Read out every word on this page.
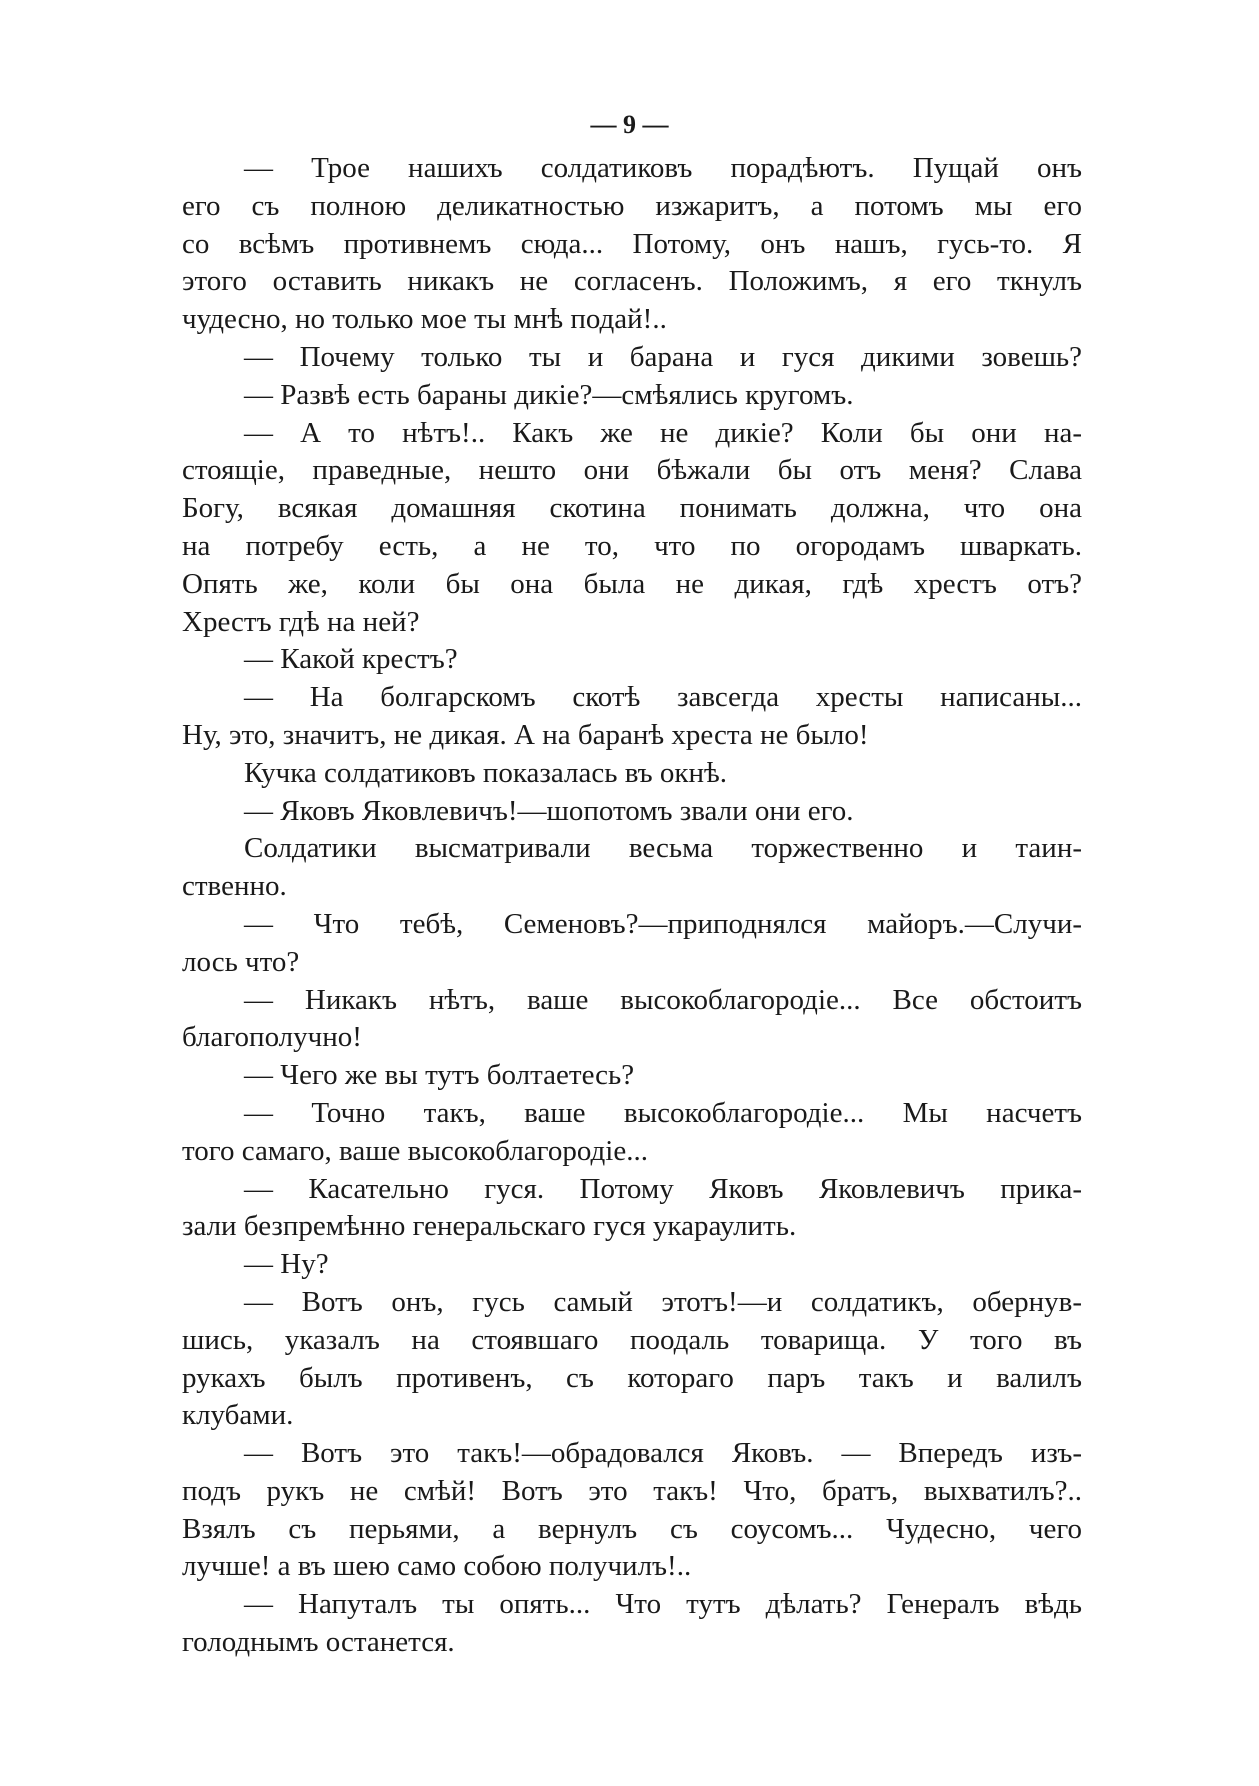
— 9 —
— Трое нашихъ солдатиковъ порадѣютъ. Пущай онъ
его съ полною деликатностью изжаритъ, а потомъ мы его
со всѣмъ противнемъ сюда... Потому, онъ нашъ, гусь-то. Я
этого оставить никакъ не согласенъ. Положимъ, я его ткнулъ
чудесно, но только мое ты мнѣ подай!..
— Почему только ты и барана и гуся дикими зовешь?
— Развѣ есть бараны дикіе?—смѣялись кругомъ.
— А то нѣтъ!.. Какъ же не дикіе? Коли бы они на-
стоящіе, праведные, нешто они бѣжали бы отъ меня? Слава
Богу, всякая домашняя скотина понимать должна, что она
на потребу есть, а не то, что по огородамъ шваркать.
Опять же, коли бы она была не дикая, гдѣ хрестъ отъ?
Хрестъ гдѣ на ней?
— Какой крестъ?
— На болгарскомъ скотѣ завсегда хресты написаны...
Ну, это, значитъ, не дикая. А на баранѣ хреста не было!
Кучка солдатиковъ показалась въ окнѣ.
— Яковъ Яковлевичъ!—шопотомъ звали они его.
Солдатики высматривали весьма торжественно и таин-
ственно.
— Что тебѣ, Семеновъ?—приподнялся майоръ.—Случи-
лось что?
— Никакъ нѣтъ, ваше высокоблагородіе... Все обстоитъ
благополучно!
— Чего же вы тутъ болтаетесь?
— Точно такъ, ваше высокоблагородіе... Мы насчетъ
того самаго, ваше высокоблагородіе...
— Касательно гуся. Потому Яковъ Яковлевичъ прика-
зали безпремѣнно генеральскаго гуся укараулить.
— Ну?
— Вотъ онъ, гусь самый этотъ!—и солдатикъ, обернув-
шись, указалъ на стоявшаго поодаль товарища. У того въ
рукахъ былъ противенъ, съ котораго паръ такъ и валилъ
клубами.
— Вотъ это такъ!—обрадовался Яковъ. — Впередъ изъ-
подъ рукъ не смѣй! Вотъ это такъ! Что, братъ, выхватилъ?..
Взялъ съ перьями, а вернулъ съ соусомъ... Чудесно, чего
лучше! а въ шею само собою получилъ!..
— Напуталъ ты опять... Что тутъ дѣлать? Генералъ вѣдь
голоднымъ останется.
